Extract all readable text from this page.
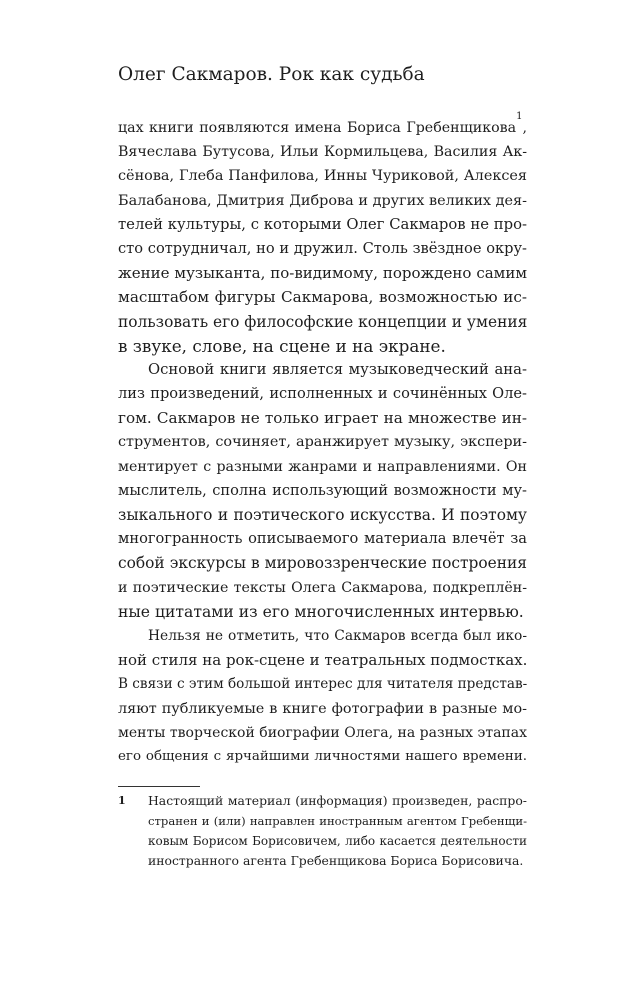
Олег Сакмаров. Рок как судьба
цах книги появляются имена Бориса Гребенщикова$^1$,
Вячеслава Бутусова, Ильи Кормильцева, Василия Ак-
сёнова, Глеба Панфилова, Инны Чуриковой, Алексея
Балабанова, Дмитрия Диброва и других великих дея-
телей культуры, с которыми Олег Сакмаров не про-
сто сотрудничал, но и дружил. Столь звёздное окру-
жение музыканта, по-видимому, порождено самим
масштабом фигуры Сакмарова, возможностью ис-
пользовать его философские концепции и умения
в звуке, слове, на сцене и на экране.
Основой книги является музыковедческий ана-
лиз произведений, исполненных и сочинённых Оле-
гом. Сакмаров не только играет на множестве ин-
струментов, сочиняет, аранжирует музыку, экспери-
ментирует с разными жанрами и направлениями. Он
мыслитель, сполна использующий возможности му-
зыкального и поэтического искусства. И поэтому
многогранность описываемого материала влечёт за
собой экскурсы в мировоззренческие построения
и поэтические тексты Олега Сакмарова, подкреплён-
ные цитатами из его многочисленных интервью.
Нельзя не отметить, что Сакмаров всегда был ико-
ной стиля на рок-сцене и театральных подмостках.
В связи с этим большой интерес для читателя представ-
ляют публикуемые в книге фотографии в разные мо-
менты творческой биографии Олега, на разных этапах
его общения с ярчайшими личностями нашего времени.
1 Настоящий материал (информация) произведен, распро-
странен и (или) направлен иностранным агентом Гребенщи-
ковым Борисом Борисовичем, либо касается деятельности
иностранного агента Гребенщикова Бориса Борисовича.
